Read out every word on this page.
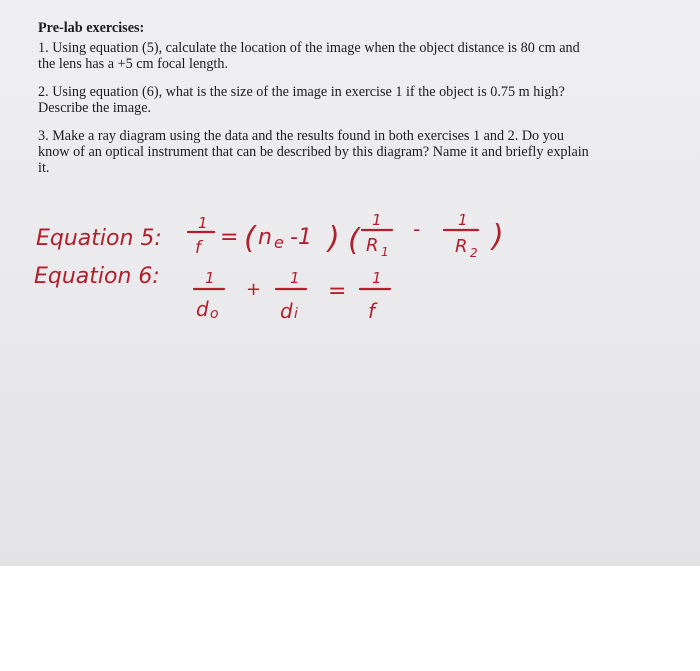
Pre-lab exercises:

1. Using equation (5), calculate the location of the image when the object distance is 80 cm and
the lens has a +5 cm focal length.
2. Using equation (6), what is the size of the image in exercise 1 if the object is 0.75 m high?
Describe the image.
3. Make a ray diagram using the data and the results found in both exercises 1 and 2. Do you
know of an optical instrument that can be described by this diagram? Name it and briefly explain
it.
Equation 5:
1
f = ( n e -1 ) (
1
R 1
-	1
R 2 )
Equation 6:	1
d o
+
1
d i
=
1
f
